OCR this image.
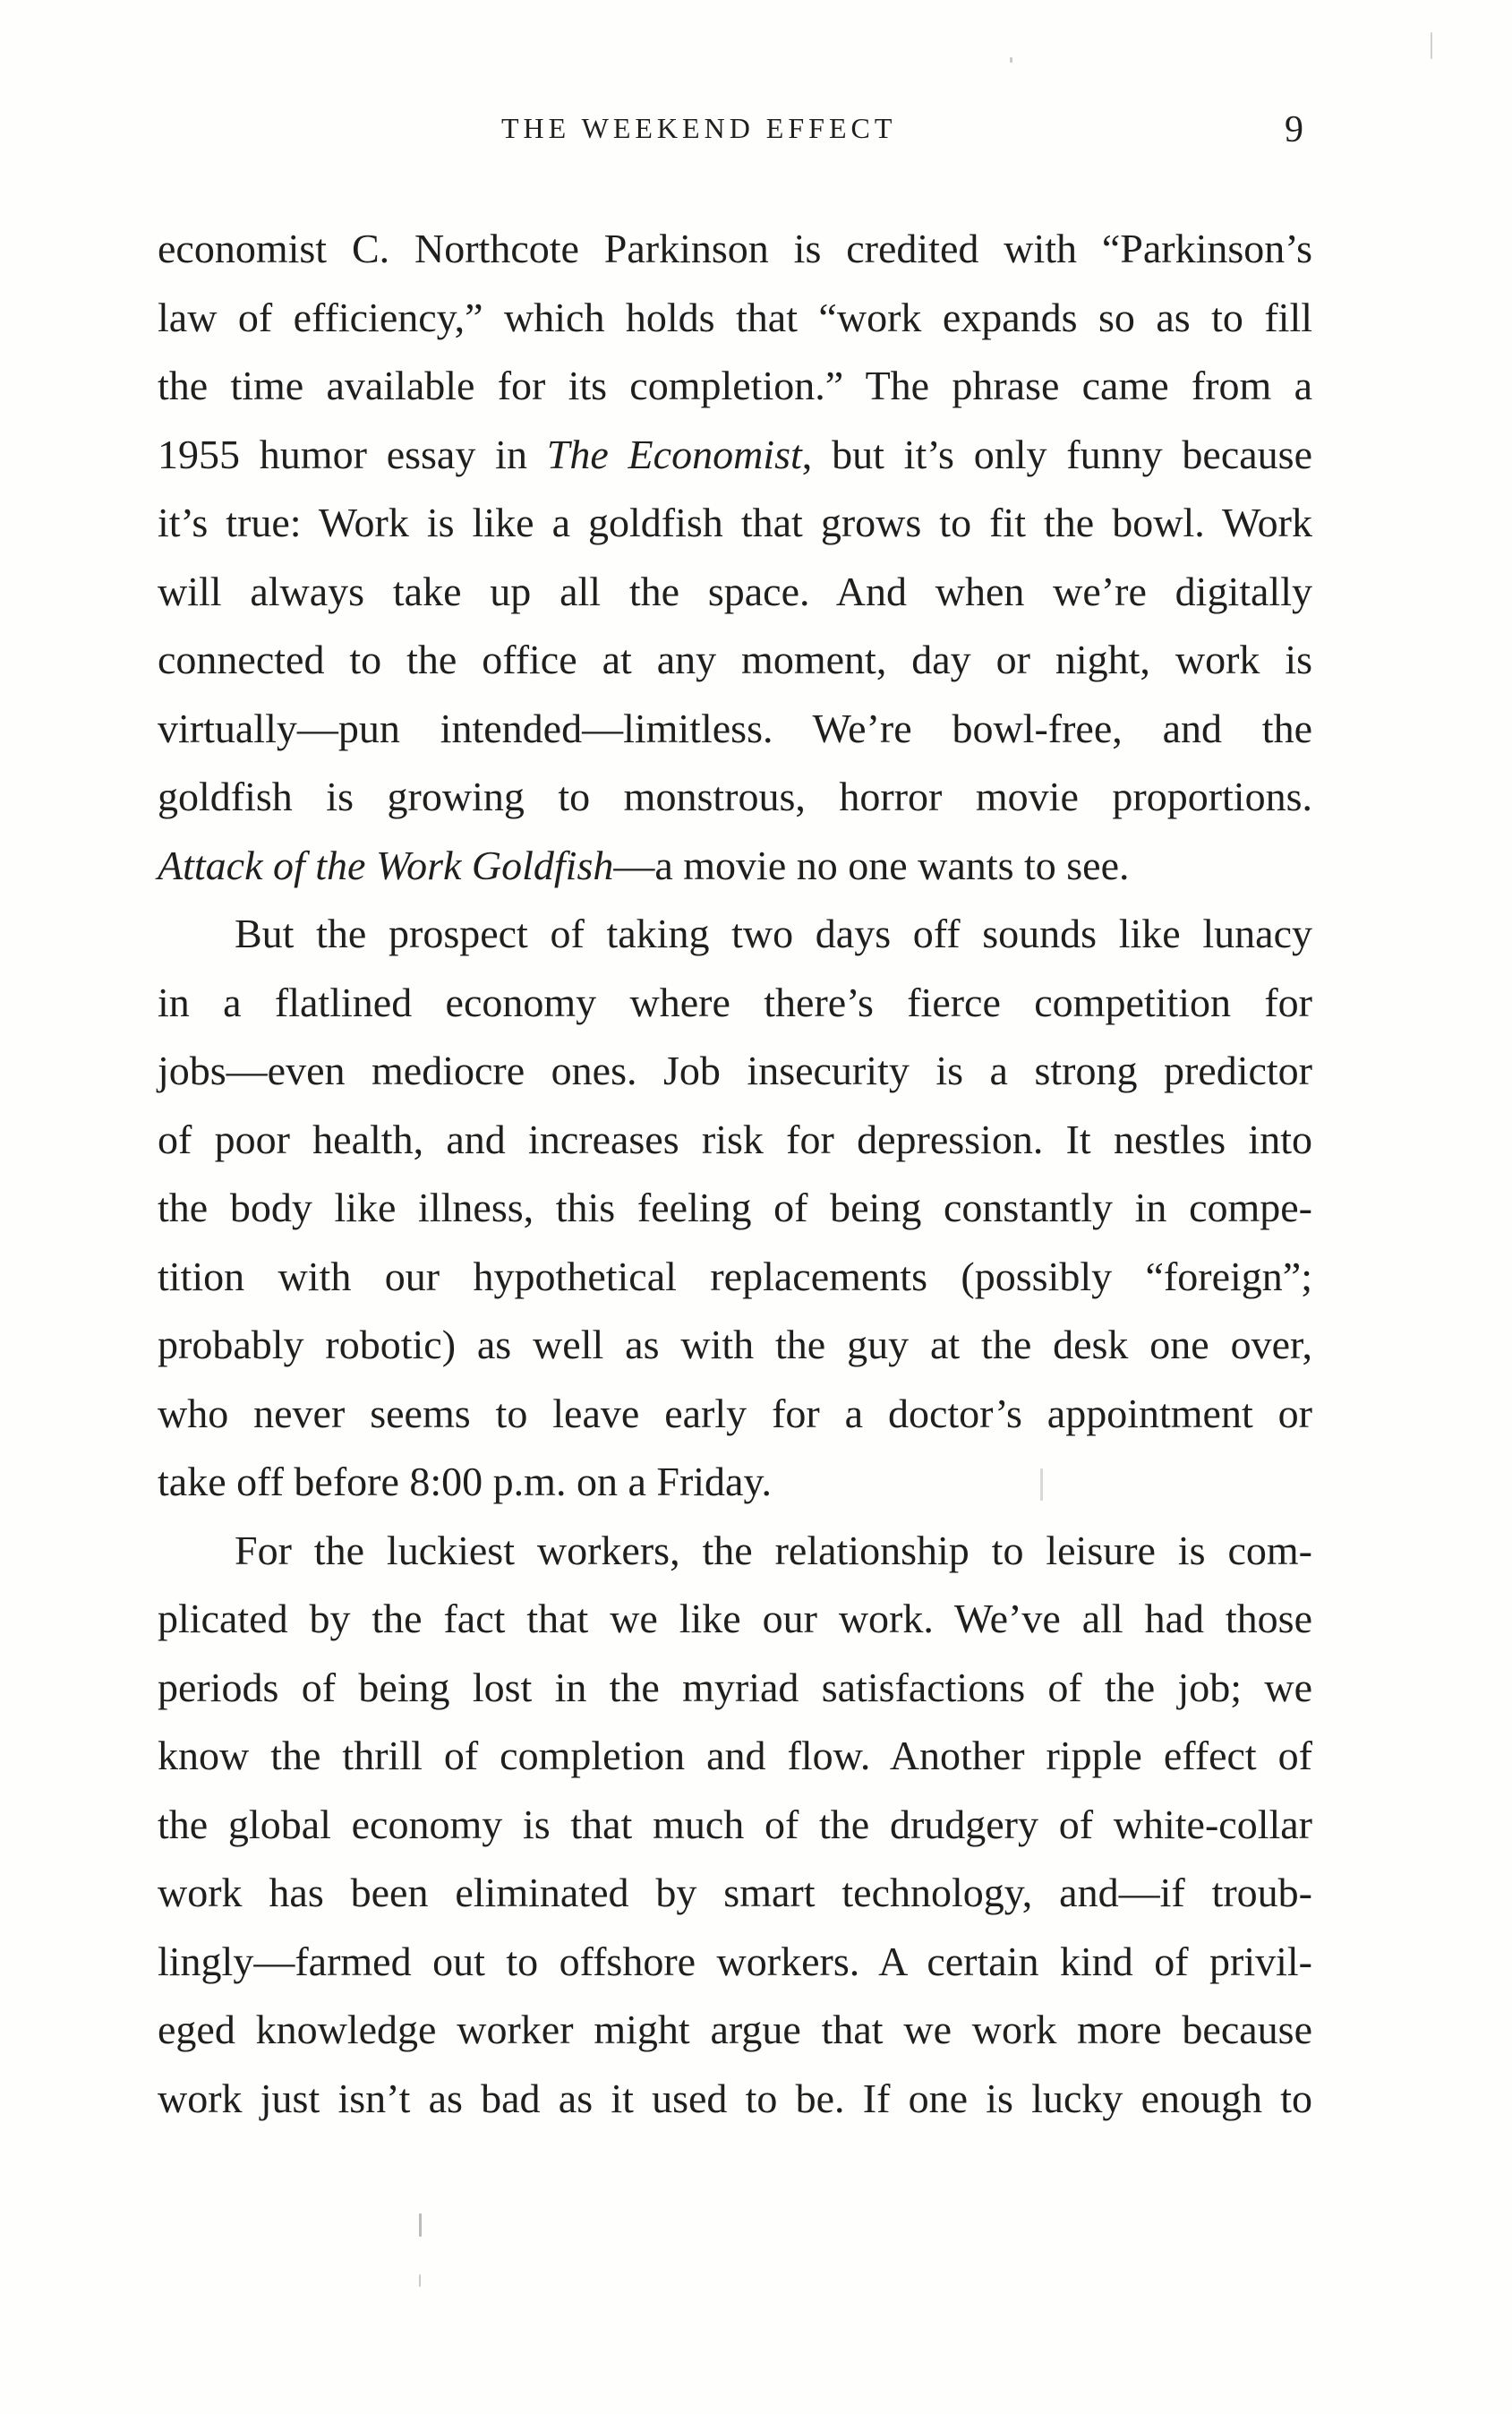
THE WEEKEND EFFECT	9
economist C. Northcote Parkinson is credited with “Parkinson’s
law of efficiency,” which holds that “work expands so as to fill
the time available for its completion.” The phrase came from a
1955 humor essay in The Economist, but it’s only funny because
it’s true: Work is like a goldfish that grows to fit the bowl. Work
will always take up all the space. And when we’re digitally
connected to the office at any moment, day or night, work is
virtually—pun intended—limitless. We’re bowl-free, and the
goldfish is growing to monstrous, horror movie proportions.
Attack of the Work Goldfish—a movie no one wants to see.
But the prospect of taking two days off sounds like lunacy
in a flatlined economy where there’s fierce competition for
jobs—even mediocre ones. Job insecurity is a strong predictor
of poor health, and increases risk for depression. It nestles into
the body like illness, this feeling of being constantly in compe-
tition with our hypothetical replacements (possibly “foreign”;
probably robotic) as well as with the guy at the desk one over,
who never seems to leave early for a doctor’s appointment or
take off before 8:00 p.m. on a Friday.
For the luckiest workers, the relationship to leisure is com-
plicated by the fact that we like our work. We’ve all had those
periods of being lost in the myriad satisfactions of the job; we
know the thrill of completion and flow. Another ripple effect of
the global economy is that much of the drudgery of white-collar
work has been eliminated by smart technology, and—if troub-
lingly—farmed out to offshore workers. A certain kind of privil-
eged knowledge worker might argue that we work more because
work just isn’t as bad as it used to be. If one is lucky enough to
